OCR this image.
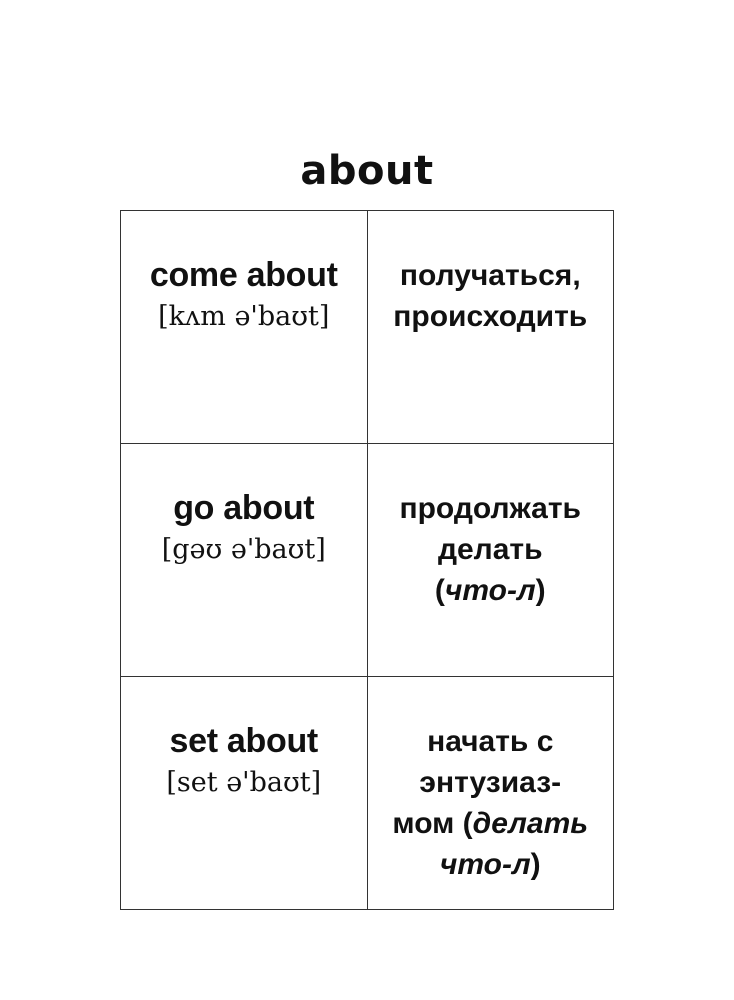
about
come about
[kʌm ə'baʊt]
получаться,
происходить
go about
[gəʊ ə'baʊt]
продолжать
делать
(что-л)
set about
[set ə'baʊt]
начать с
энтузиаз-
мом (делать
что-л)
